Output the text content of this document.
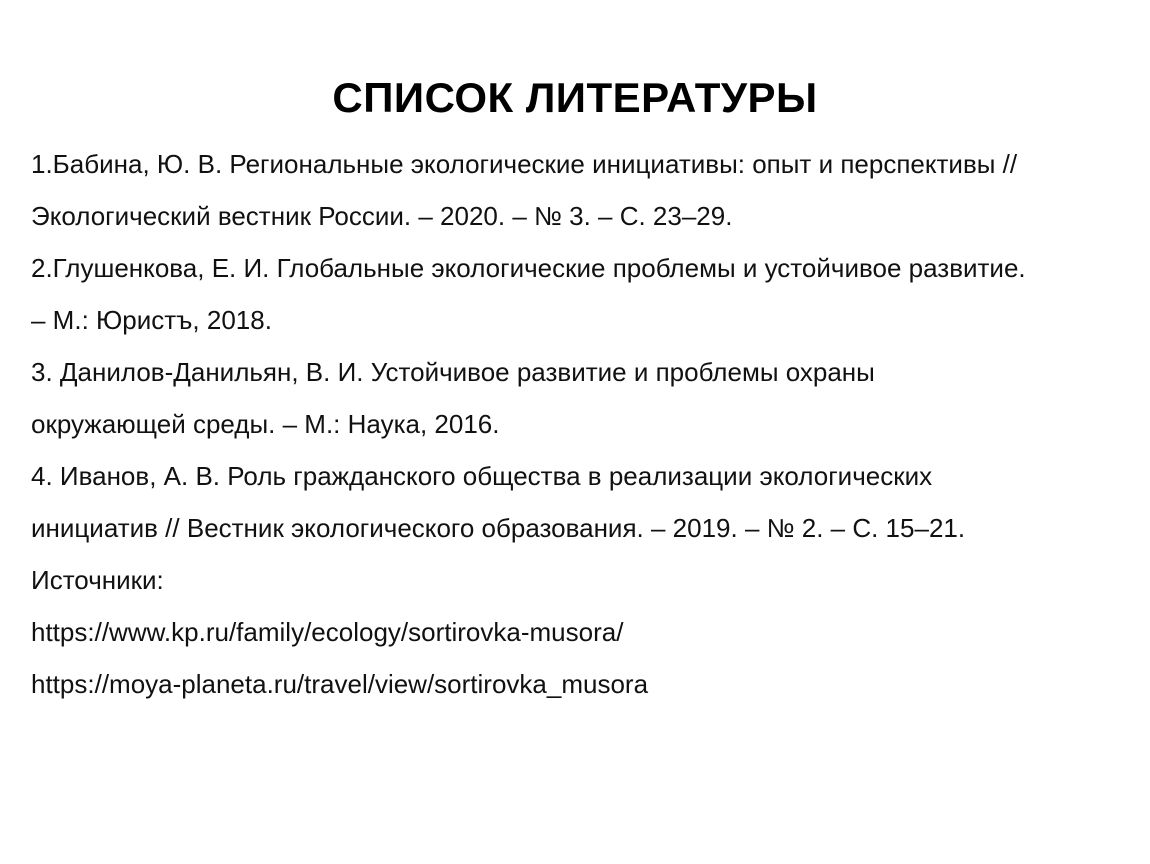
СПИСОК ЛИТЕРАТУРЫ
1.Бабина, Ю. В. Региональные экологические инициативы: опыт и перспективы //
Экологический вестник России. – 2020. – № 3. – С. 23–29.
2.Глушенкова, Е. И. Глобальные экологические проблемы и устойчивое развитие.
– М.: Юристъ, 2018.
3. Данилов-Данильян, В. И. Устойчивое развитие и проблемы охраны
окружающей среды. – М.: Наука, 2016.
4. Иванов, А. В. Роль гражданского общества в реализации экологических
инициатив // Вестник экологического образования. – 2019. – № 2. – С. 15–21.
Источники:
https://www.kp.ru/family/ecology/sortirovka-musora/
https://moya-planeta.ru/travel/view/sortirovka_musora
